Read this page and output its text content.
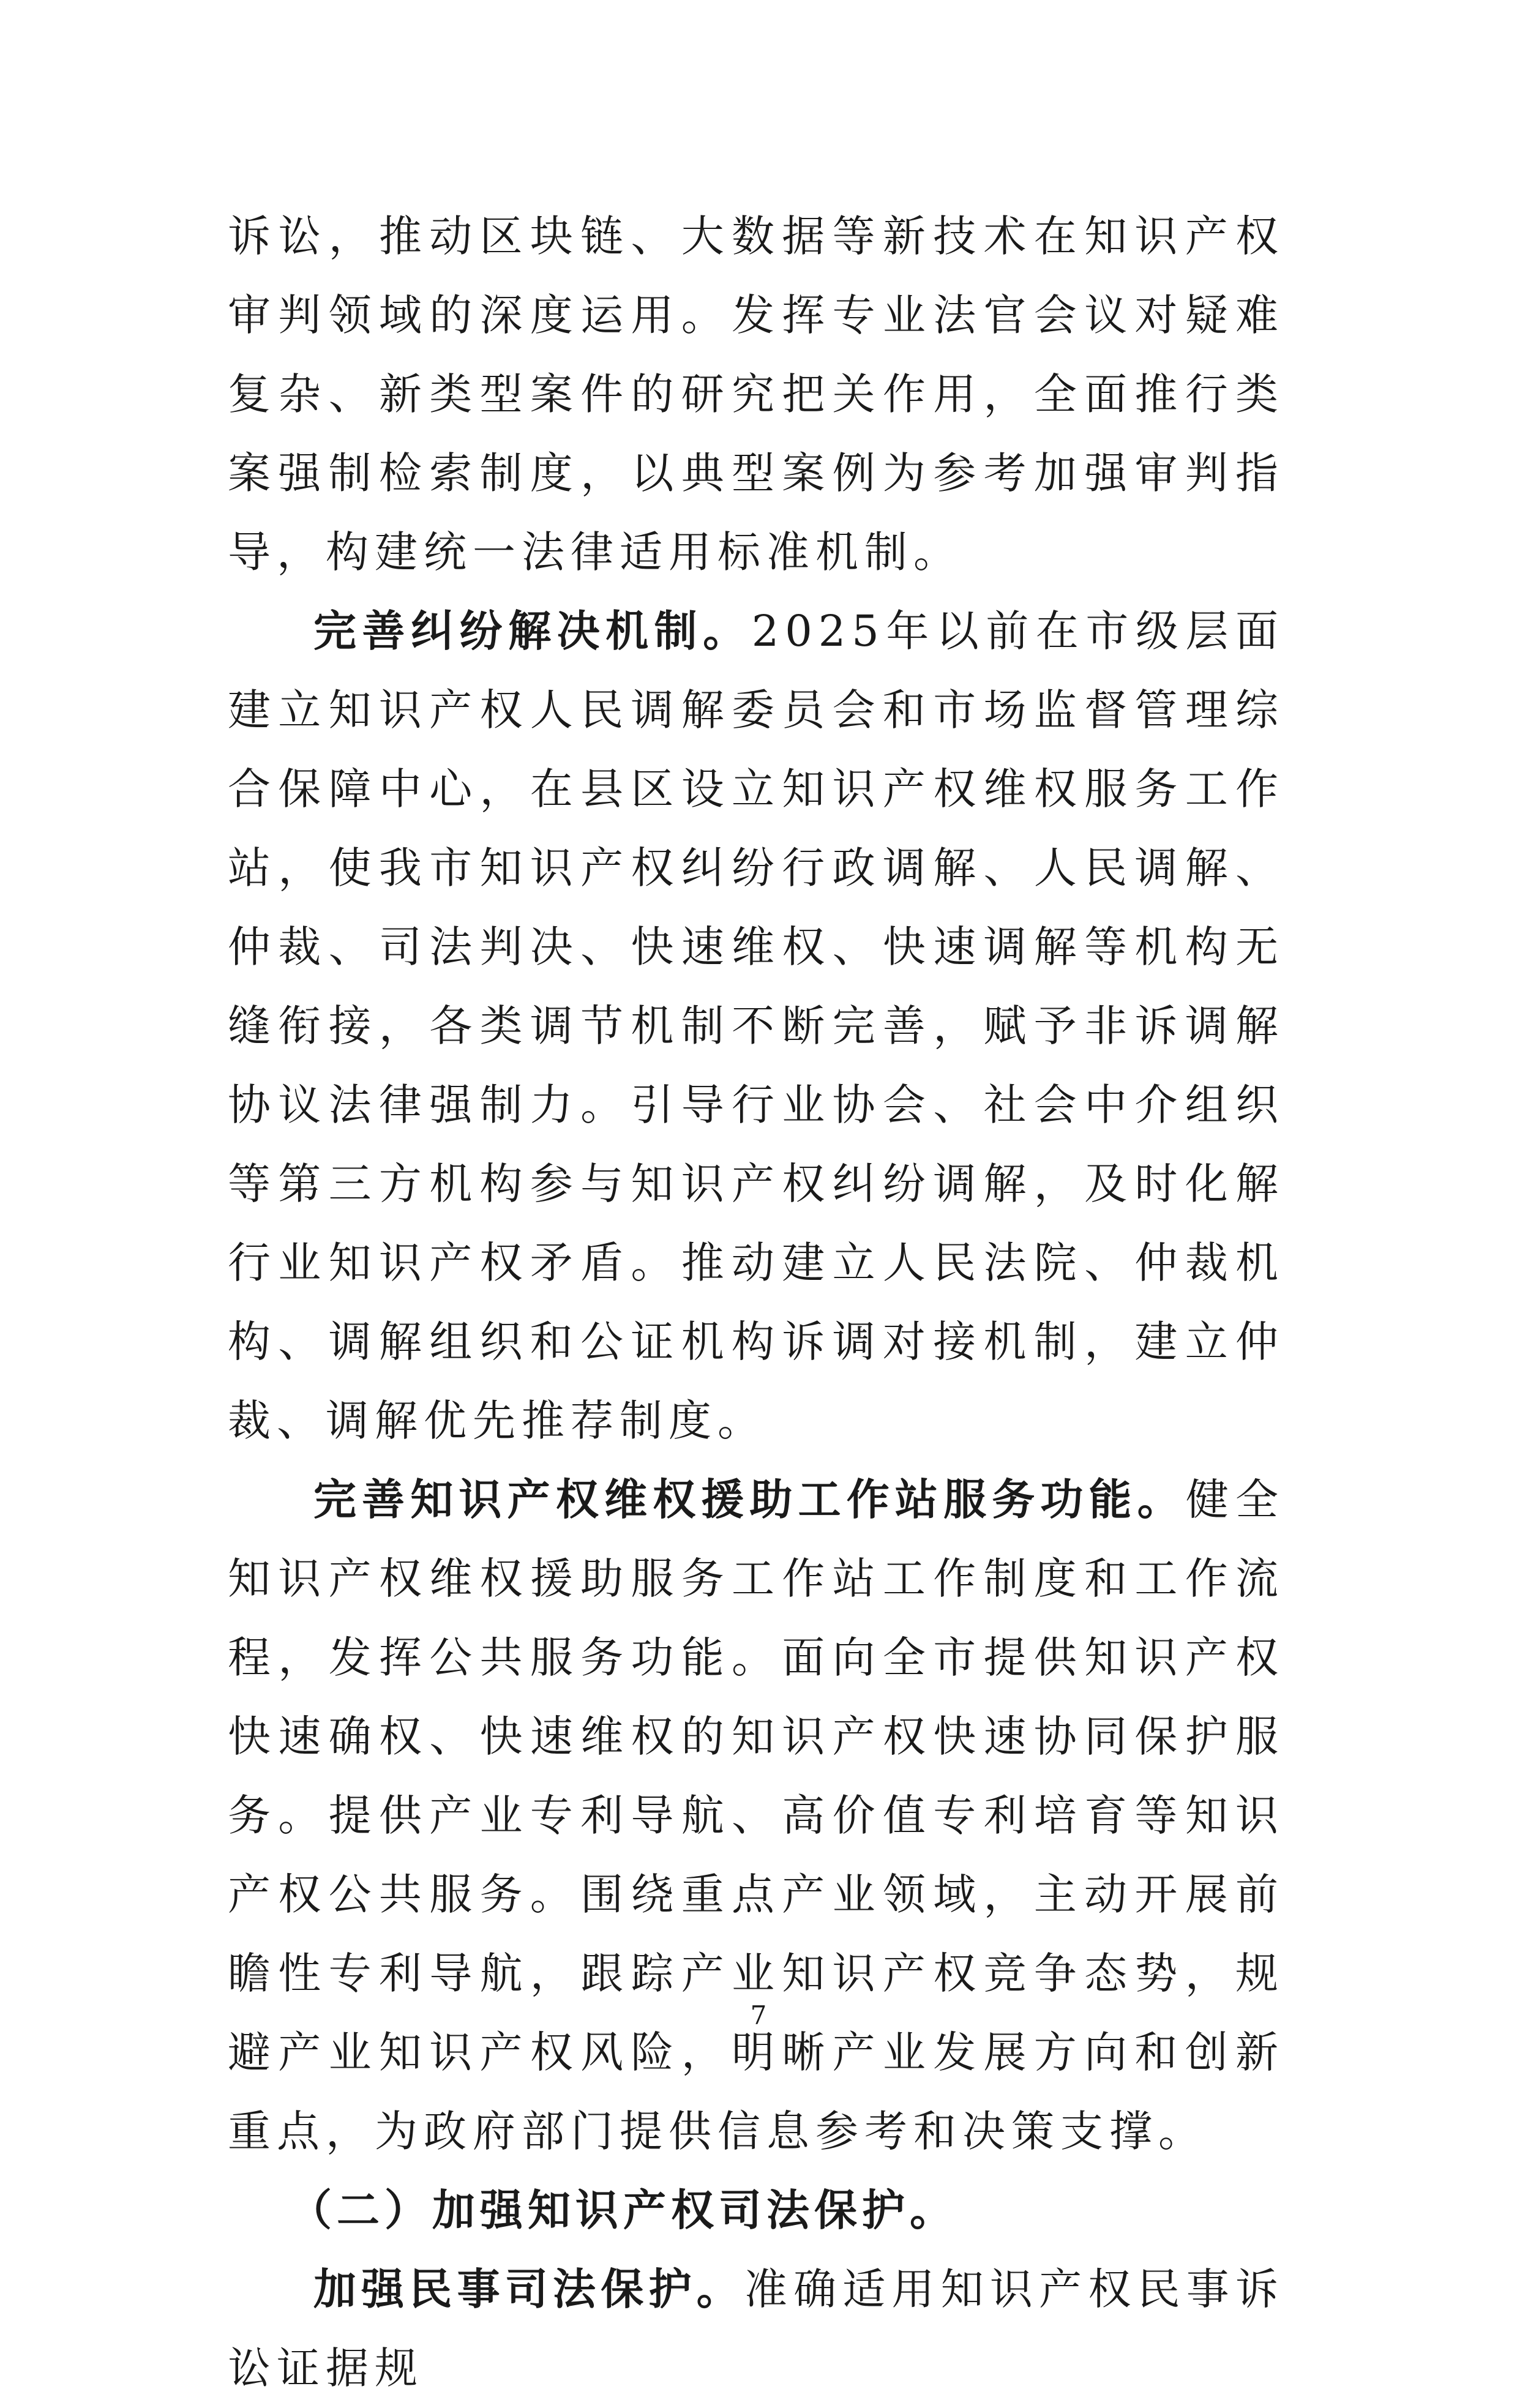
诉讼，推动区块链、大数据等新技术在知识产权审判领域的深度运用。发挥专业法官会议对疑难复杂、新类型案件的研究把关作用，全面推行类案强制检索制度，以典型案例为参考加强审判指导，构建统一法律适用标准机制。

完善纠纷解决机制。2025年以前在市级层面建立知识产权人民调解委员会和市场监督管理综合保障中心，在县区设立知识产权维权服务工作站，使我市知识产权纠纷行政调解、人民调解、仲裁、司法判决、快速维权、快速调解等机构无缝衔接，各类调节机制不断完善，赋予非诉调解协议法律强制力。引导行业协会、社会中介组织等第三方机构参与知识产权纠纷调解，及时化解行业知识产权矛盾。推动建立人民法院、仲裁机构、调解组织和公证机构诉调对接机制，建立仲裁、调解优先推荐制度。

完善知识产权维权援助工作站服务功能。健全知识产权维权援助服务工作站工作制度和工作流程，发挥公共服务功能。面向全市提供知识产权快速确权、快速维权的知识产权快速协同保护服务。提供产业专利导航、高价值专利培育等知识产权公共服务。围绕重点产业领域，主动开展前瞻性专利导航，跟踪产业知识产权竞争态势，规避产业知识产权风险，明晰产业发展方向和创新重点，为政府部门提供信息参考和决策支撑。

（二）加强知识产权司法保护。

加强民事司法保护。准确适用知识产权民事诉讼证据规

7
